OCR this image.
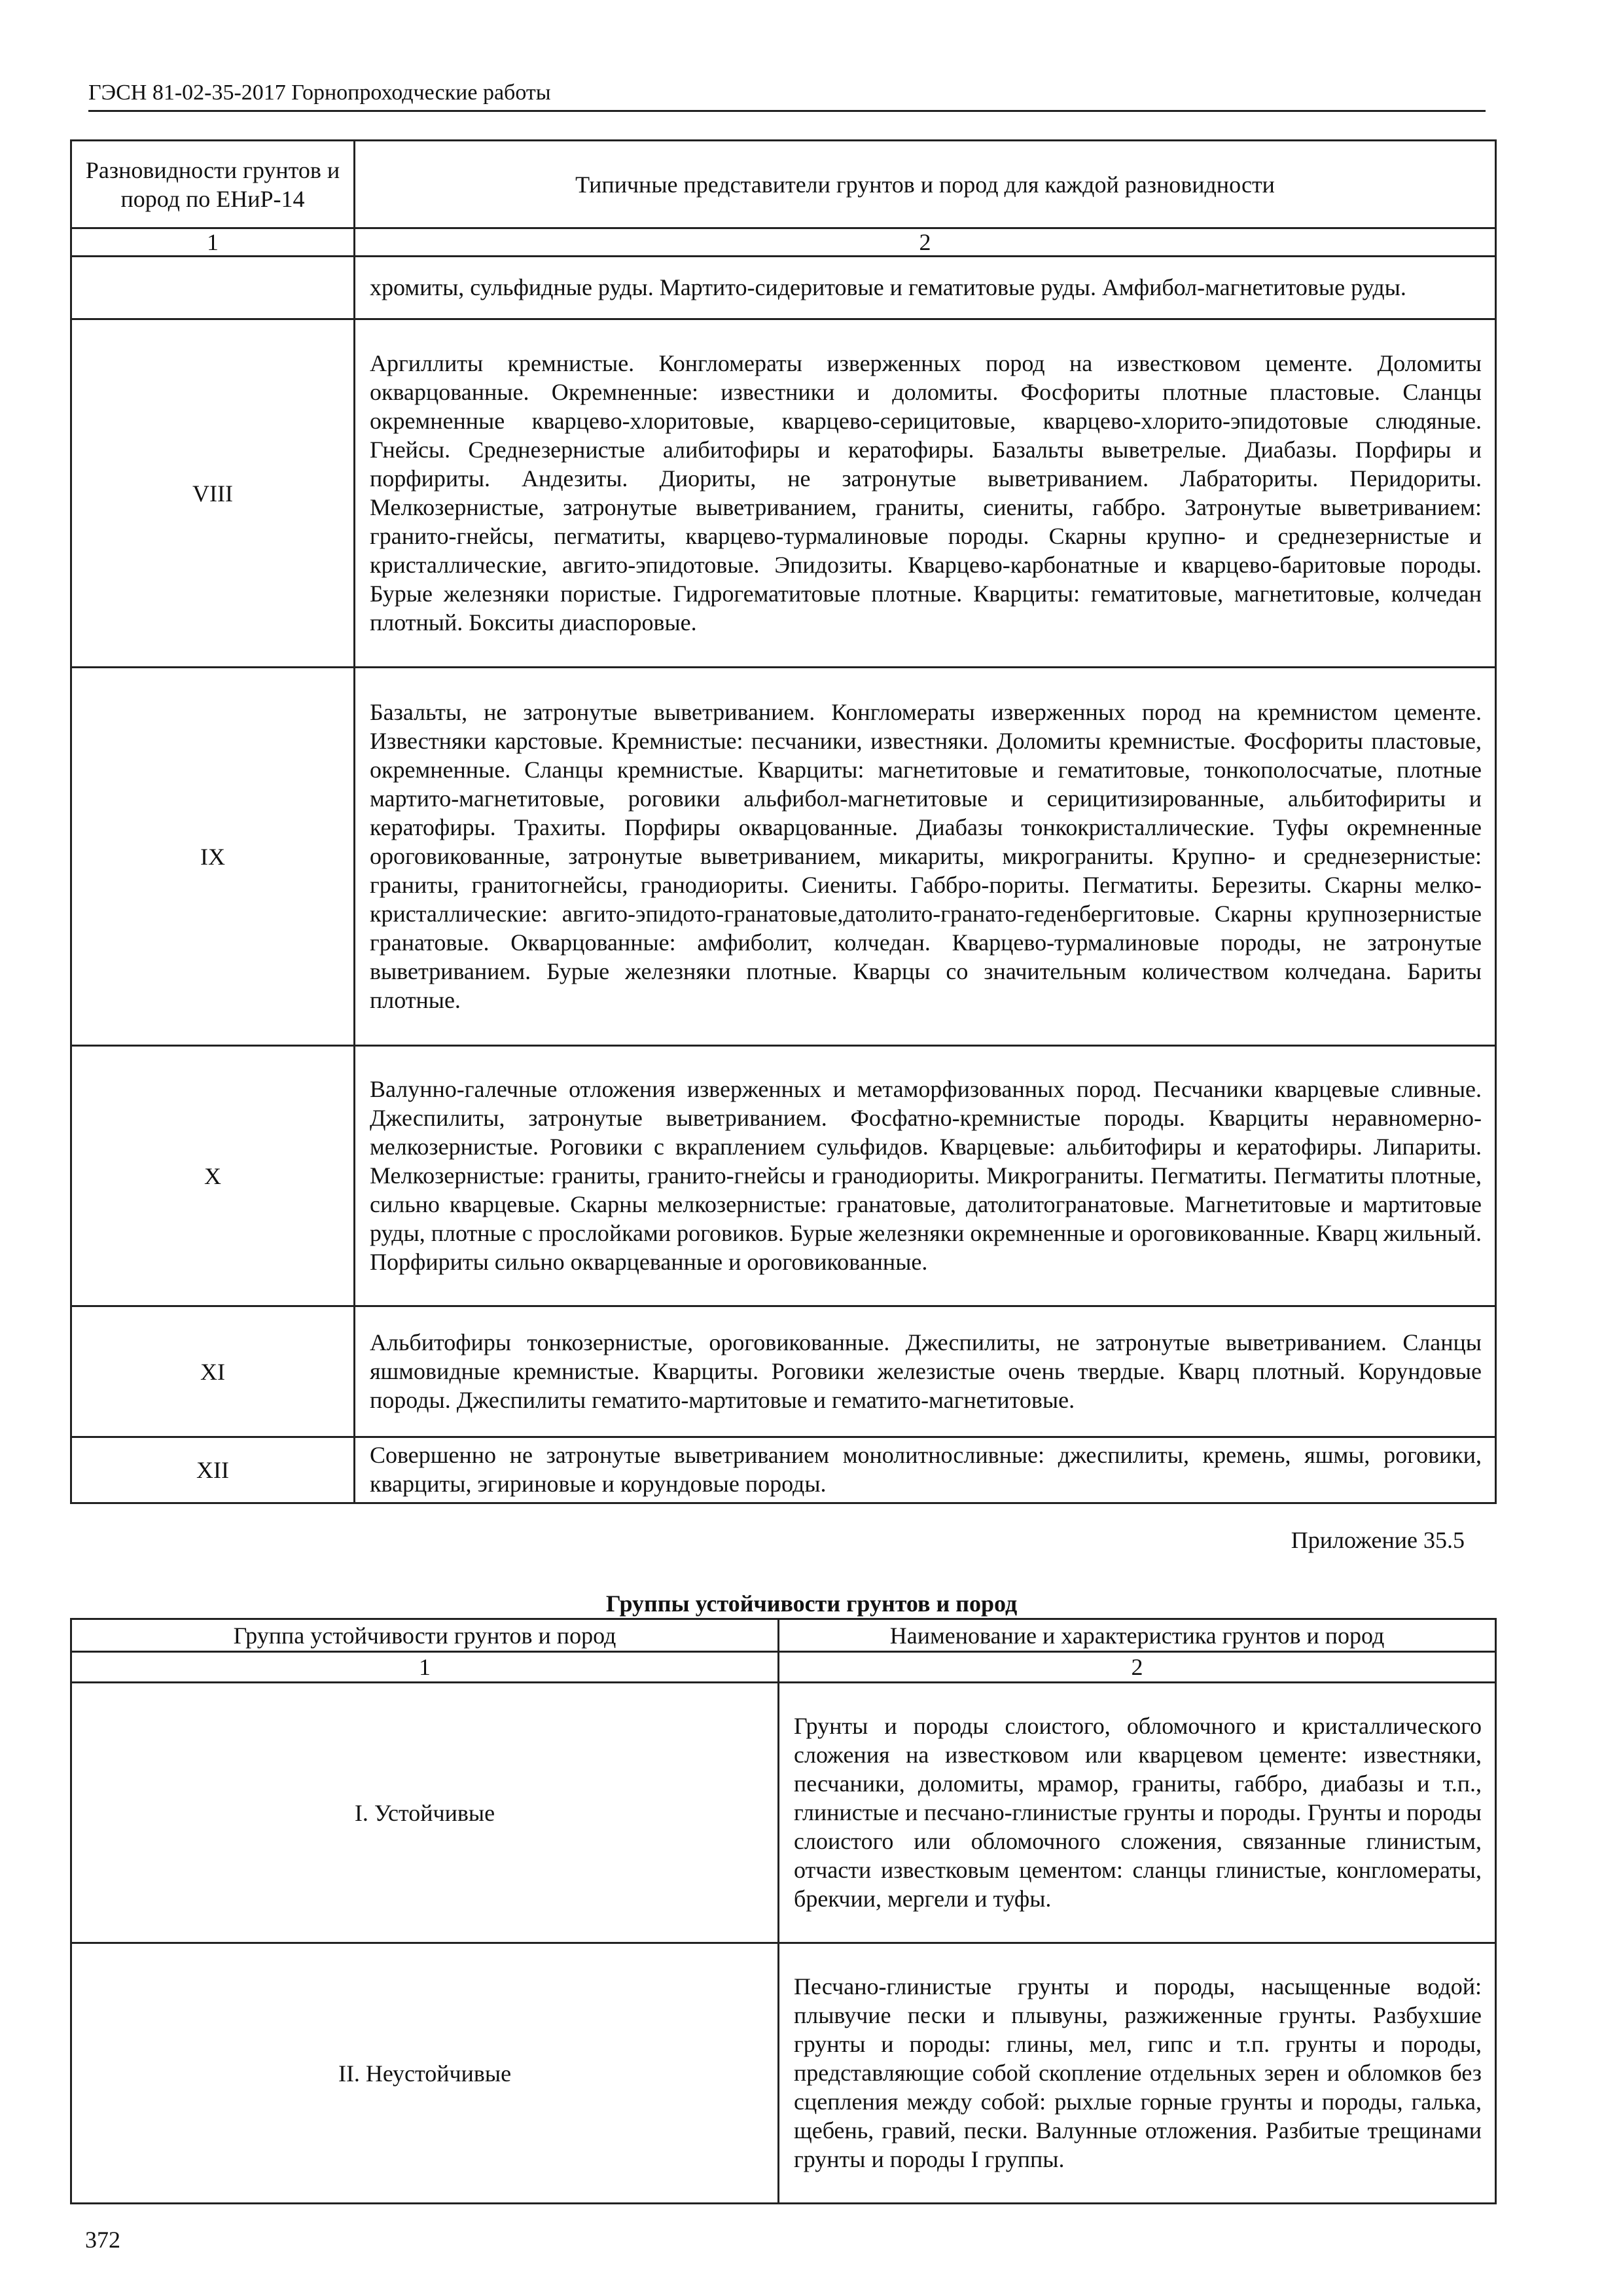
ГЭСН 81-02-35-2017 Горнопроходческие работы
Разновидности грунтов и пород по ЕНиР-14	Типичные представители грунтов и пород для каждой разновидности
1	2
	хромиты, сульфидные руды. Мартито-сидеритовые и гематитовые руды. Амфибол-магнетитовые руды.
VIII	Аргиллиты кремнистые. Конгломераты изверженных пород на известковом цементе. Доломиты окварцованные. Окремненные: известники и доломиты. Фосфориты плотные пластовые. Сланцы окремненные кварцево-хлоритовые, кварцево-серицитовые, кварцево-хлорито-эпидотовые слюдяные. Гнейсы. Среднезернистые алибитофиры и кератофиры. Базальты выветрелые. Диабазы. Порфиры и порфириты. Андезиты. Диориты, не затронутые выветриванием. Лабраториты. Перидориты. Мелкозернистые, затронутые выветриванием, граниты, сиениты, габбро. Затронутые выветриванием: гранито-гнейсы, пегматиты, кварцево-турмалиновые породы. Скарны крупно- и среднезернистые и кристаллические, авгито-эпидотовые. Эпидозиты. Кварцево-карбонатные и кварцево-баритовые породы. Бурые железняки пористые. Гидрогематитовые плотные. Кварциты: гематитовые, магнетитовые, колчедан плотный. Бокситы диаспоровые.
IX	Базальты, не затронутые выветриванием. Конгломераты изверженных пород на кремнистом цементе. Известняки карстовые. Кремнистые: песчаники, известняки. Доломиты кремнистые. Фосфориты пластовые, окремненные. Сланцы кремнистые. Кварциты: магнетитовые и гематитовые, тонкополосчатые, плотные мартито-магнетитовые, роговики альфибол-магнетитовые и серицитизированные, альбитофириты и кератофиры. Трахиты. Порфиры окварцованные. Диабазы тонкокристаллические. Туфы окремненные ороговикованные, затронутые выветриванием, микариты, микрограниты. Крупно- и среднезернистые: граниты, гранитогнейсы, гранодиориты. Сиениты. Габбро-пориты. Пегматиты. Березиты. Скарны мелко-кристаллические: авгито-эпидото-гранатовые,датолито-гранато-геденбергитовые. Скарны крупнозернистые гранатовые. Окварцованные: амфиболит, колчедан. Кварцево-турмалиновые породы, не затронутые выветриванием. Бурые железняки плотные. Кварцы со значительным количеством колчедана. Бариты плотные.
X	Валунно-галечные отложения изверженных и метаморфизованных пород. Песчаники кварцевые сливные. Джеспилиты, затронутые выветриванием. Фосфатно-кремнистые породы. Кварциты неравномерно-мелкозернистые. Роговики с вкраплением сульфидов. Кварцевые: альбитофиры и кератофиры. Липариты. Мелкозернистые: граниты, гранито-гнейсы и гранодиориты. Микрограниты. Пегматиты. Пегматиты плотные, сильно кварцевые. Скарны мелкозернистые: гранатовые, датолитогранатовые. Магнетитовые и мартитовые руды, плотные с прослойками роговиков. Бурые железняки окремненные и ороговикованные. Кварц жильный. Порфириты сильно окварцеванные и ороговикованные.
XI	Альбитофиры тонкозернистые, ороговикованные. Джеспилиты, не затронутые выветриванием. Сланцы яшмовидные кремнистые. Кварциты. Роговики железистые очень твердые. Кварц плотный. Корундовые породы. Джеспилиты гематито-мартитовые и гематито-магнетитовые.
XII	Совершенно не затронутые выветриванием монолитносливные: джеспилиты, кремень, яшмы, роговики, кварциты, эгириновые и корундовые породы.
Приложение 35.5
Группы устойчивости грунтов и пород
Группа устойчивости грунтов и пород	Наименование и характеристика грунтов и пород
1	2
I. Устойчивые	Грунты и породы слоистого, обломочного и кристаллического сложения на известковом или кварцевом цементе: известняки, песчаники, доломиты, мрамор, граниты, габбро, диабазы и т.п., глинистые и песчано-глинистые грунты и породы. Грунты и породы слоистого или обломочного сложения, связанные глинистым, отчасти известковым цементом: сланцы глинистые, конгломераты, брекчии, мергели и туфы.
II. Неустойчивые	Песчано-глинистые грунты и породы, насыщенные водой: плывучие пески и плывуны, разжиженные грунты. Разбухшие грунты и породы: глины, мел, гипс и т.п. грунты и породы, представляющие собой скопление отдельных зерен и обломков без сцепления между собой: рыхлые горные грунты и породы, галька, щебень, гравий, пески. Валунные отложения. Разбитые трещинами грунты и породы I группы.
372
